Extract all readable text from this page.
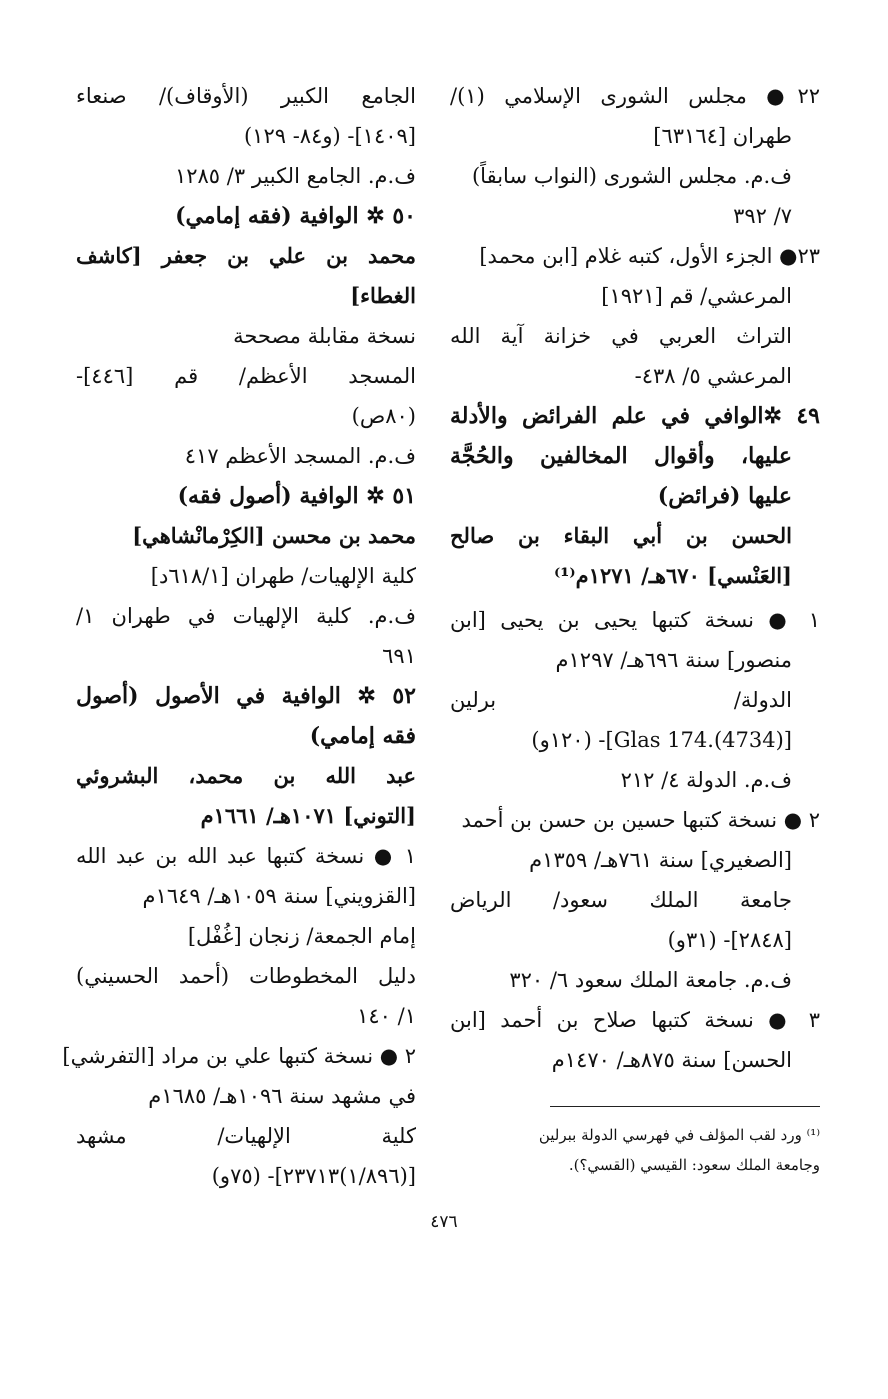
٢٢● مجلس الشورى الإسلامي (١)/
طهران [٦٣١٦٤]
ف.م. مجلس الشورى (النواب سابقاً)
٧/ ٣٩٢
٢٣● الجزء الأول، كتبه غلام [ابن محمد]
المرعشي/ قم [١٩٢١]
التراث العربي في خزانة آية الله
المرعشي ٥/ ٤٣٨-
٤٩ ✲الوافي في علم الفرائض والأدلة
عليها، وأقوال المخالفين والحُجَّة
عليها (فرائض)
الحسن بن أبي البقاء بن صالح
[العَنْسي] ٦٧٠هـ/ ١٢٧١م⁽¹⁾
١ ● نسخة كتبها يحيى بن يحيى [ابن
منصور] سنة ٦٩٦هـ/ ١٢٩٧م
الدولة/ برلين
[Glas 174.(4734)]- (١٢٠و)
ف.م. الدولة ٤/ ٢١٢
٢ ● نسخة كتبها حسين بن حسن بن أحمد
[الصغيري] سنة ٧٦١هـ/ ١٣٥٩م
جامعة الملك سعود/ الرياض
[٢٨٤٨]- (٣١و)
ف.م. جامعة الملك سعود ٦/ ٣٢٠
٣ ● نسخة كتبها صلاح بن أحمد [ابن
الحسن] سنة ٨٧٥هـ/ ١٤٧٠م
الجامع الكبير (الأوقاف)/ صنعاء
[١٤٠٩]- (و٨٤- ١٢٩)
ف.م. الجامع الكبير ٣/ ١٢٨٥
٥٠ ✲ الوافية (فقه إمامي)
محمد بن علي بن جعفر [كاشف
الغطاء]
نسخة مقابلة مصححة
المسجد الأعظم/ قم [٤٤٦]-
(٨٠ص)
ف.م. المسجد الأعظم ٤١٧
٥١ ✲ الوافية (أصول فقه)
محمد بن محسن [الكِرْمانْشاهي]
كلية الإلهيات/ طهران [٦١٨/١د]
ف.م. كلية الإلهيات في طهران ١/
٦٩١
٥٢ ✲ الوافية في الأصول (أصول
فقه إمامي)
عبد الله بن محمد، البشروئي
[التوني] ١٠٧١هـ/ ١٦٦١م
١ ● نسخة كتبها عبد الله بن عبد الله
[القزويني] سنة ١٠٥٩هـ/ ١٦٤٩م
إمام الجمعة/ زنجان [غُفْل]
دليل المخطوطات (أحمد الحسيني)
١/ ١٤٠
٢ ● نسخة كتبها علي بن مراد [التفرشي]
في مشهد سنة ١٠٩٦هـ/ ١٦٨٥م
كلية الإلهيات/ مشهد
[(١/٨٩٦)٢٣٧١٣]- (٧٥و)
⁽¹⁾ ورد لقب المؤلف في فهرسي الدولة ببرلين
وجامعة الملك سعود: القيسي (القسي؟).
٤٧٦
